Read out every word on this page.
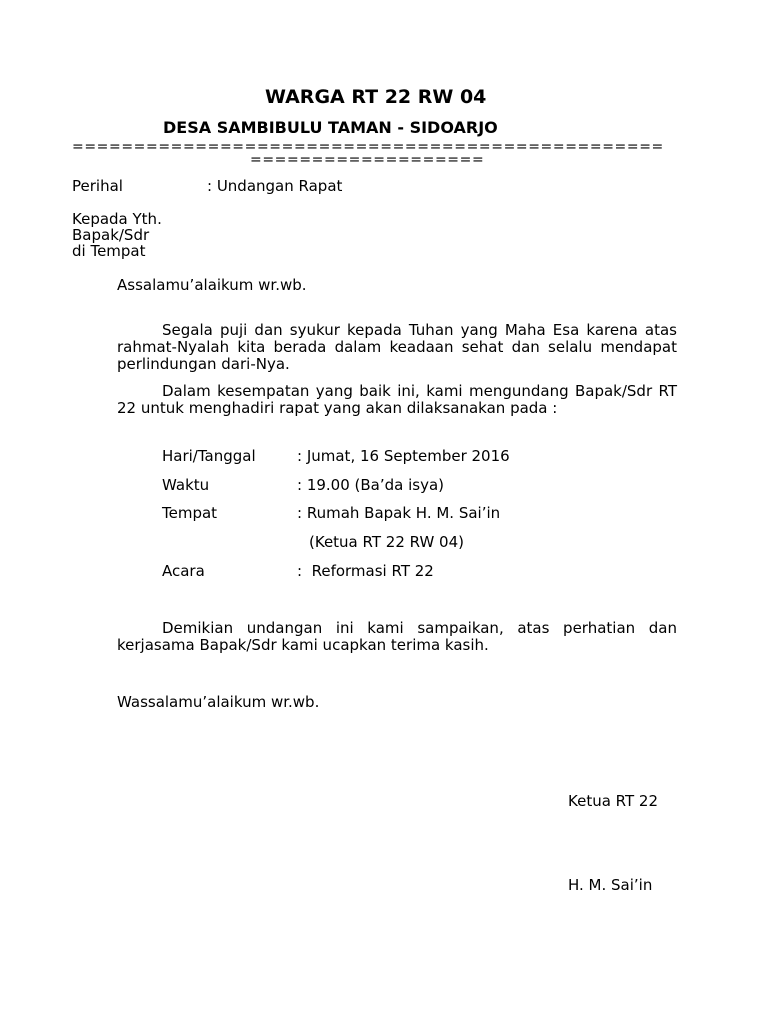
WARGA RT 22 RW 04
DESA SAMBIBULU TAMAN - SIDOARJO
================================================
===================
Perihal	: Undangan Rapat
Kepada Yth.
Bapak/Sdr
di Tempat
Assalamu’alaikum wr.wb.
Segala puji dan syukur kepada Tuhan yang Maha Esa karena atas rahmat-Nyalah kita berada dalam keadaan sehat dan selalu mendapat perlindungan dari-Nya.
Dalam kesempatan yang baik ini, kami mengundang Bapak/Sdr RT 22 untuk menghadiri rapat yang akan dilaksanakan pada :
Hari/Tanggal	: Jumat, 16 September 2016
Waktu	: 19.00 (Ba’da isya)
Tempat	: Rumah Bapak H. M. Sai’in
(Ketua RT 22 RW 04)
Acara	:  Reformasi RT 22
Demikian undangan ini kami sampaikan, atas perhatian dan kerjasama Bapak/Sdr kami ucapkan terima kasih.
Wassalamu’alaikum wr.wb.
Ketua RT 22
H. M. Sai’in
